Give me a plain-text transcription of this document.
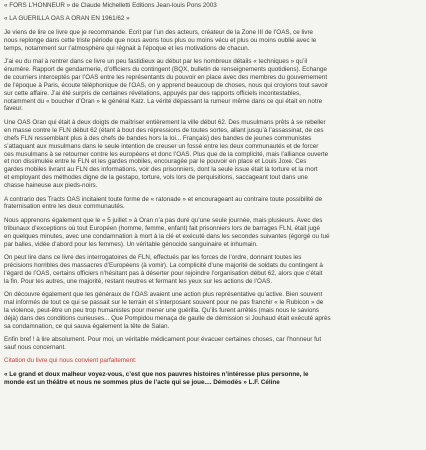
« FORS L’HONNEUR » de Claude Michelletti Editions Jean-louis Pons 2003
« LA GUERILLA OAS A ORAN EN 1961/62 »
Je viens de lire ce livre que je recommande. Ecrit par l’un des acteurs, créateur de la Zone III de l’OAS, ce livre
nous replonge dans cette triste période que nous avons tous plus ou moins vécu et plus ou moins oublié avec le
temps, notamment sur l’atmosphère qui régnait à l’époque et les motivations de chacun.
J’ai eu du mal à rentrer dans ce livre un peu fastidieux au début par les nombreux détails « techniques » qu’il
énumère. Rapport de gendarmerie, d’officiers du contingent (BQX, bulletin de renseignements quotidiens). Echange
de courriers interceptés par l’OAS entre les représentants du pouvoir en place avec des membres du gouvernement
de l’époque à Paris, écoute téléphonique de l’OAS, on y apprend beaucoup de choses, nous qui croyions tout savoir
sur cette affaire. J’ai été surpris de certaines révélations, appuyés par des rapports officiels incontestables,
notamment du « boucher d’Oran » le général Katz. La vérité dépassant la rumeur même dans ce qui était en notre
faveur.
Une OAS Oran qui était à deux doigts de maîtriser entièrement la ville début 62. Des musulmans prêts à se rebeller
en masse contre le FLN début 62 (étant à bout des répressions de toutes sortes, allant jusqu’à l’assassinat, de ces
chefs FLN ressemblant plus à des chefs de bandes hors la loi... Français) des bandes de jeunes communistes
s’attaquant aux musulmans dans le seule intention de creuser un fossé entre les deux communautés et de forcer
ces musulmans à se retourner contre les européens et donc l’OAS. Plus que de la complicité, mais l’alliance ouverte
et non dissimulée entre le FLN et les gardes mobiles, encouragée par le pouvoir en place et Louis Joxe. Ces
gardes mobiles livrant au FLN des informations, voir des prisonniers, dont la seule issue était la torture et la mort
et employant des méthodes digne de la gestapo, torture, vols lors de perquisitions, saccageant tout dans une
chasse haineuse aux pieds-noirs.
A contrario des Tracts OAS incitaient toute forme de « ratonade » et encourageant au contraire toute possibilité de
fraternisation entre les deux communautés.
Nous apprenons également que le « 5 juillet » à Oran n’a pas duré qu’une seule journée, mais plusieurs. Avec des
tribunaux d’exceptions où tout Européen (homme, femme, enfant) fait prisonniers lors de barrages FLN, était jugé
en quelques minutes, avec une condamnation à mort à la clé et exécuté dans les secondes suivantes (égorgé ou tué
par balles, vidée d’abord pour les femmes). Un véritable génocide sanguinaire et inhumain.
On peut lire dans ce livre des interrogatoires de FLN, effectués par les forces de l’ordre, donnant toutes les
précisions horribles des massacres d’Européens (à vomir). La complicité d’une majorité de soldats du contingent à
l’égard de l’OAS, certains officiers n’hésitant pas à déserter pour rejoindre l’organisation début 62, alors que c’était
la fin. Pour les autres, une majorité, restant neutres et fermant les yeux sur les actions de l’OAS.
On découvre également que les généraux de l’OAS avaient une action plus représentative qu’active. Bien souvent
mal informés de tout ce qui se passait sur le terrain et s’interposant souvent pour ne pas franchir « le Rubicon » de
la violence, peut-être un peu trop humanistes pour mener une guérilla. Qu’ils furent arrêtés (mais nous le savions
déjà) dans des conditions curieuses... Que Pompidou menaça de gaulle de démission si Jouhaud était exécuté après
sa condamnation, ce qui sauva également la tête de Salan.
Enfin bref ! à lire absolument. Pour moi, un véritable médicament pour évacuer certaines choses, car l’honneur fut
sauf nous concernant.
Citation du livre qui nous convient parfaitement:
« Le grand et doux malheur voyez-vous, c’est que nos pauvres histoires n’intéresse plus personne, le
monde est un théâtre et nous ne sommes plus de l’acte qui se joue.... Démodés » L.F. Céline
